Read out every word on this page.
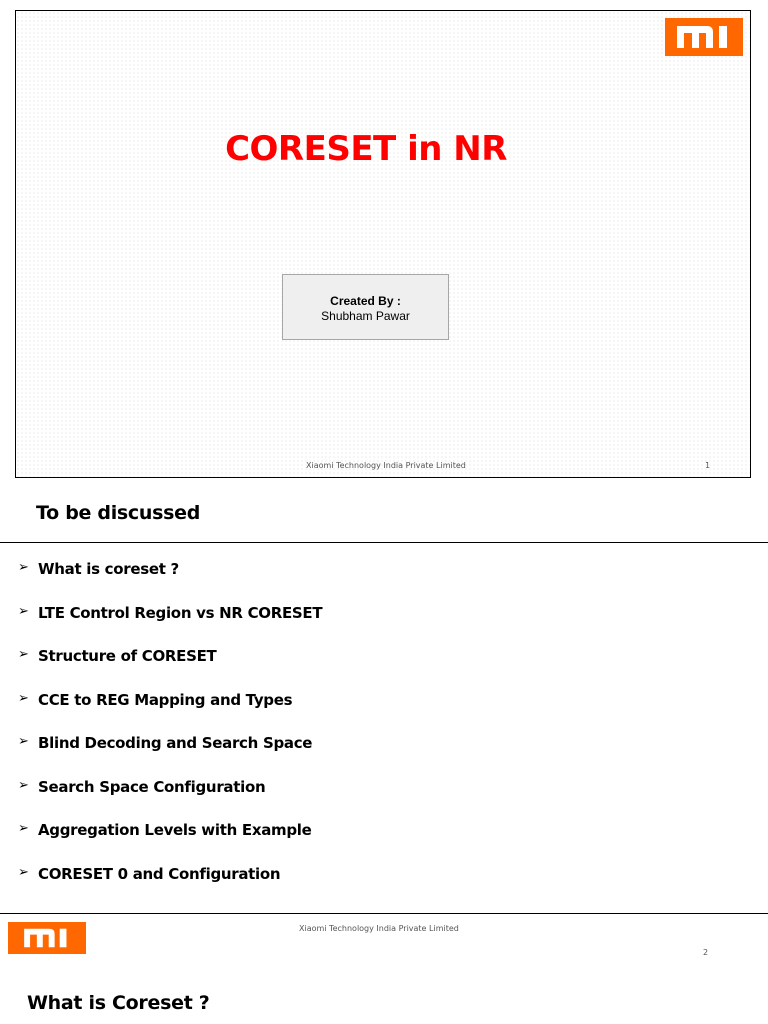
CORESET in NR
Created By :
Shubham Pawar
Xiaomi Technology India Private Limited	1
To be discussed
➢ What is coreset ?
➢ LTE Control Region vs NR CORESET
➢ Structure of CORESET
➢ CCE to REG Mapping and Types
➢ Blind Decoding and Search Space
➢ Search Space Configuration
➢ Aggregation Levels with Example
➢ CORESET 0 and Configuration
Xiaomi Technology India Private Limited
2
What is Coreset ?
